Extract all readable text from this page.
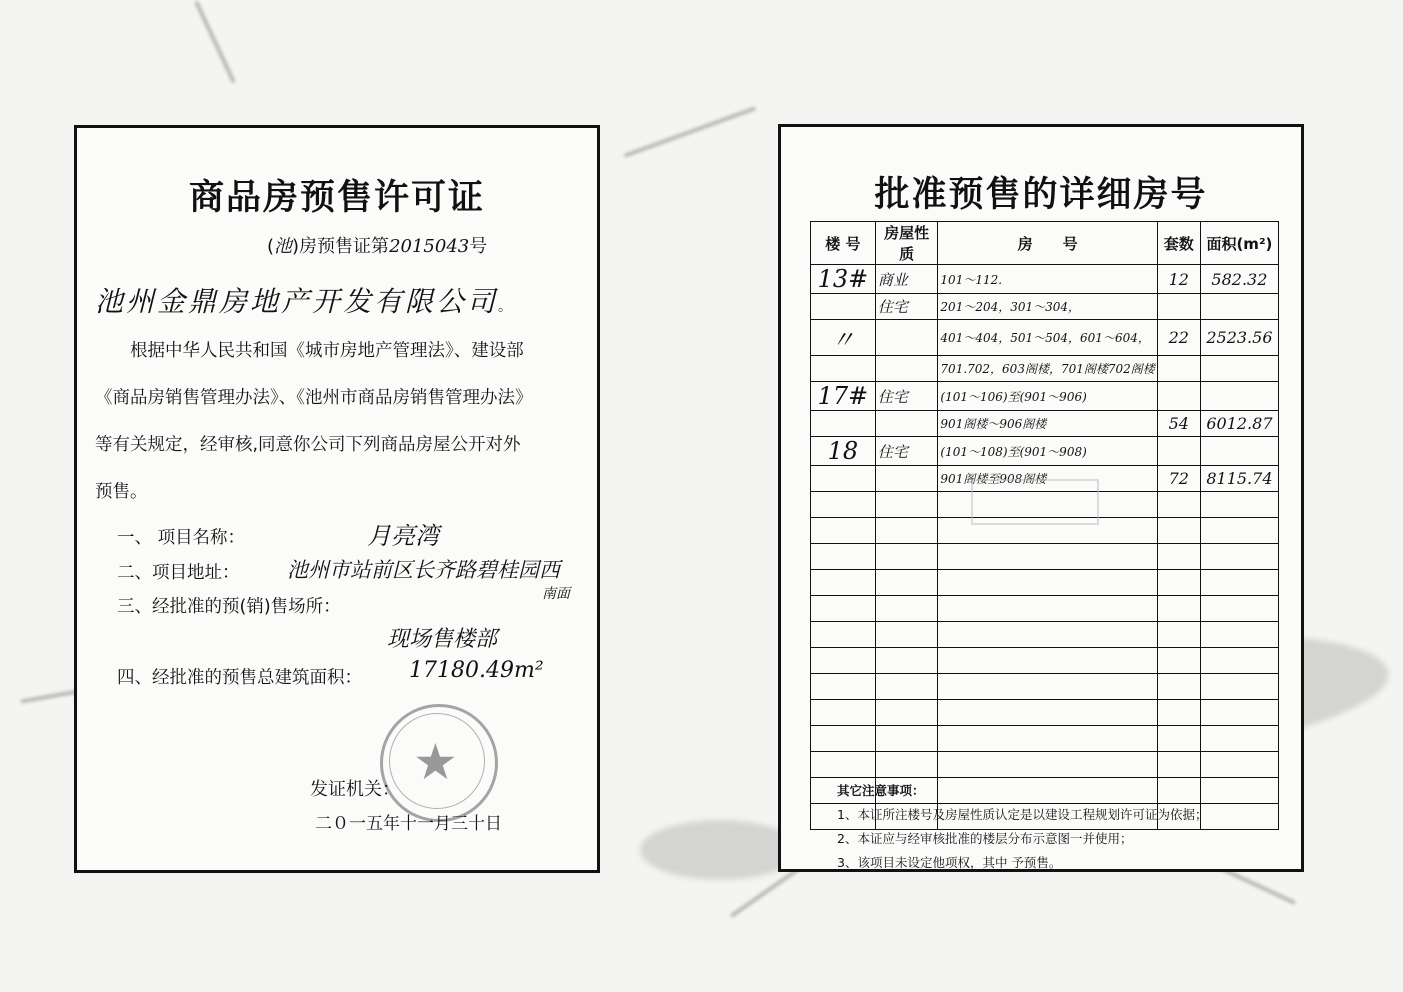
商品房预售许可证
(池)房预售证第2015043号
池州金鼎房地产开发有限公司。
根据中华人民共和国《城市房地产管理法》、建设部
《商品房销售管理办法》、《池州市商品房销售管理办法》
等有关规定，经审核,同意你公司下列商品房屋公开对外
预售。
一、 项目名称：	月亮湾
二、项目地址： 池州市站前区长齐路碧桂园西
南面
三、经批准的预(销)售场所：
现场售楼部
四、经批准的预售总建筑面积： 17180.49m²
★
发证机关：
二０一五年十一月三十日
批准预售的详细房号
楼 号	房屋性质	房　　号	套数	面积(m²)
13#	商业	101～112.	12	582.32
	住宅	201～204，301～304，		
〃		401～404，501～504，601～604，	22	2523.56
		701.702，603阁楼，701阁楼702阁楼		
17#	住宅	(101～106)至(901～906)		
		901阁楼～906阁楼	54	6012.87
18	住宅	(101～108)至(901～908)		
		901阁楼至908阁楼	72	8115.74

其它注意事项：
1、本证所注楼号及房屋性质认定是以建设工程规划许可证为依据；
2、本证应与经审核批准的楼层分布示意图一并使用；
3、该项目未设定他项权，其中 予预售。
